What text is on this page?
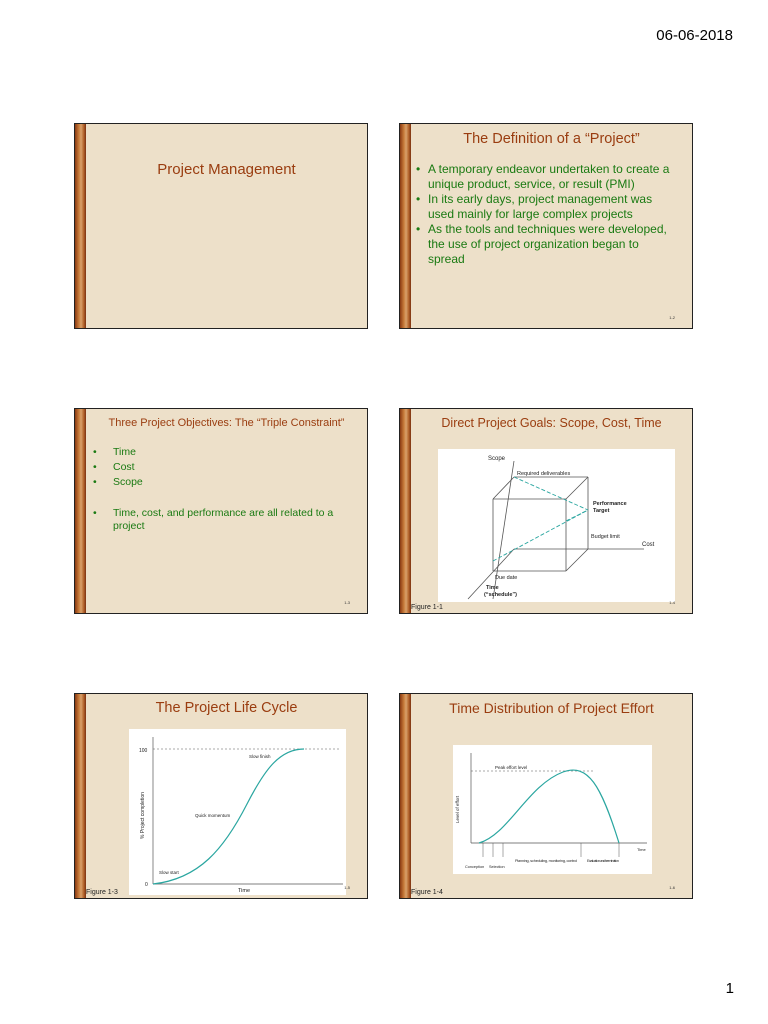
06-06-2018
Project Management
The Definition of a “Project”
• A temporary endeavor undertaken to create a unique product, service, or result (PMI)
• In its early days, project management was used mainly for large complex projects
• As the tools and techniques were developed, the use of project organization began to spread
1-2
Three Project Objectives: The “Triple Constraint”
• Time
• Cost
• Scope
• Time, cost, and performance are all related to a project
1-3
Direct Project Goals: Scope, Cost, Time
Scope
Required deliverables
Performance
Target
Cost
Budget limit
Due date
Time
(“schedule”)
Figure 1-1
1-4
The Project Life Cycle
100
0
% Project completion
Time
Slow finish
Quick momentum
Slow start
Figure 1-3
1-5
Time Distribution of Project Effort
Peak effort level
Level of effort
Time
Conception Selection
Planning, scheduling, monitoring, control	Evaluation and termination
Figure 1-4
1-6
1
